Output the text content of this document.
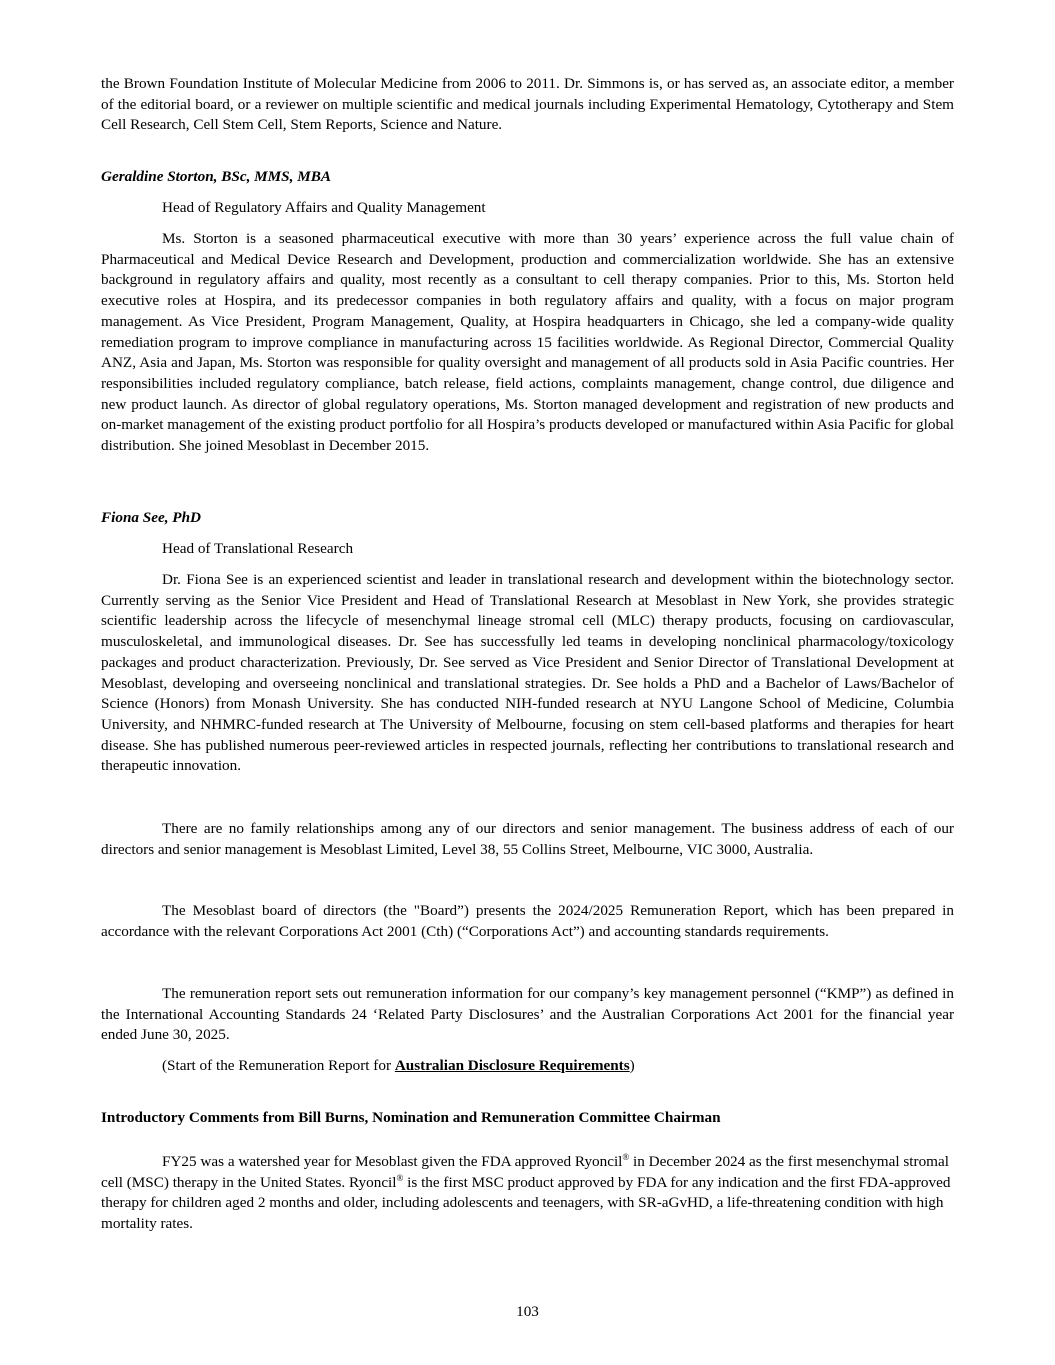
the Brown Foundation Institute of Molecular Medicine from 2006 to 2011. Dr. Simmons is, or has served as, an associate editor, a member of the editorial board, or a reviewer on multiple scientific and medical journals including Experimental Hematology, Cytotherapy and Stem Cell Research, Cell Stem Cell, Stem Reports, Science and Nature.

Geraldine Storton, BSc, MMS, MBA

Head of Regulatory Affairs and Quality Management

Ms. Storton is a seasoned pharmaceutical executive with more than 30 years’ experience across the full value chain of Pharmaceutical and Medical Device Research and Development, production and commercialization worldwide. She has an extensive background in regulatory affairs and quality, most recently as a consultant to cell therapy companies. Prior to this, Ms. Storton held executive roles at Hospira, and its predecessor companies in both regulatory affairs and quality, with a focus on major program management. As Vice President, Program Management, Quality, at Hospira headquarters in Chicago, she led a company-wide quality remediation program to improve compliance in manufacturing across 15 facilities worldwide. As Regional Director, Commercial Quality ANZ, Asia and Japan, Ms. Storton was responsible for quality oversight and management of all products sold in Asia Pacific countries. Her responsibilities included regulatory compliance, batch release, field actions, complaints management, change control, due diligence and new product launch. As director of global regulatory operations, Ms. Storton managed development and registration of new products and on-market management of the existing product portfolio for all Hospira’s products developed or manufactured within Asia Pacific for global distribution. She joined Mesoblast in December 2015.

Fiona See, PhD

Head of Translational Research

Dr. Fiona See is an experienced scientist and leader in translational research and development within the biotechnology sector. Currently serving as the Senior Vice President and Head of Translational Research at Mesoblast in New York, she provides strategic scientific leadership across the lifecycle of mesenchymal lineage stromal cell (MLC) therapy products, focusing on cardiovascular, musculoskeletal, and immunological diseases. Dr. See has successfully led teams in developing nonclinical pharmacology/toxicology packages and product characterization. Previously, Dr. See served as Vice President and Senior Director of Translational Development at Mesoblast, developing and overseeing nonclinical and translational strategies. Dr. See holds a PhD and a Bachelor of Laws/Bachelor of Science (Honors) from Monash University. She has conducted NIH-funded research at NYU Langone School of Medicine, Columbia University, and NHMRC-funded research at The University of Melbourne, focusing on stem cell-based platforms and therapies for heart disease. She has published numerous peer-reviewed articles in respected journals, reflecting her contributions to translational research and therapeutic innovation.

There are no family relationships among any of our directors and senior management. The business address of each of our directors and senior management is Mesoblast Limited, Level 38, 55 Collins Street, Melbourne, VIC 3000, Australia.

The Mesoblast board of directors (the "Board”) presents the 2024/2025 Remuneration Report, which has been prepared in accordance with the relevant Corporations Act 2001 (Cth) (“Corporations Act”) and accounting standards requirements.

The remuneration report sets out remuneration information for our company’s key management personnel (“KMP”) as defined in the International Accounting Standards 24 ‘Related Party Disclosures’ and the Australian Corporations Act 2001 for the financial year ended June 30, 2025.

(Start of the Remuneration Report for Australian Disclosure Requirements)

Introductory Comments from Bill Burns, Nomination and Remuneration Committee Chairman

FY25 was a watershed year for Mesoblast given the FDA approved Ryoncil® in December 2024 as the first mesenchymal stromal cell (MSC) therapy in the United States. Ryoncil® is the first MSC product approved by FDA for any indication and the first FDA-approved therapy for children aged 2 months and older, including adolescents and teenagers, with SR-aGvHD, a life-threatening condition with high mortality rates.

103
